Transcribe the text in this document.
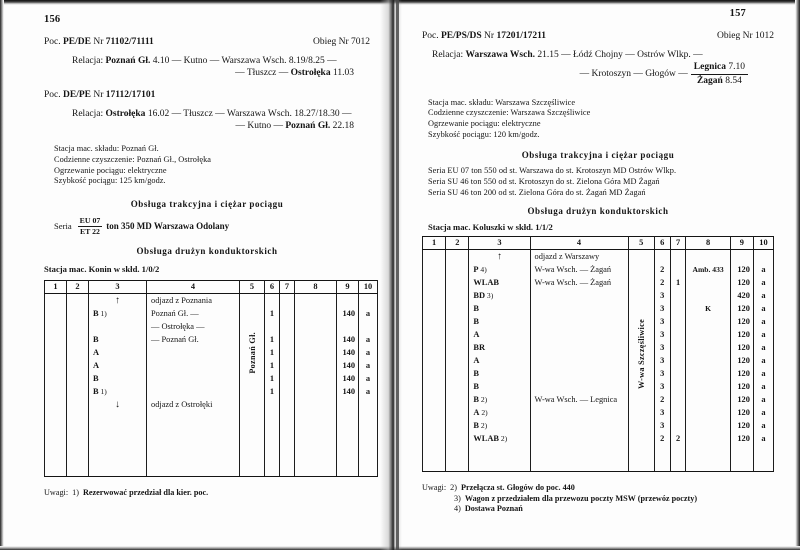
156
Poc. PE/DE Nr 71102/71111	Obieg Nr 7012
Relacja: Poznań Gł. 4.10 — Kutno — Warszawa Wsch. 8.19/8.25 —
— Tłuszcz — Ostrołęka 11.03
Poc. DE/PE Nr 17112/17101
Relacja: Ostrołęka 16.02 — Tłuszcz — Warszawa Wsch. 18.27/18.30 —
— Kutno — Poznań Gł. 22.18
Stacja mac. składu: Poznań Gł.
Codzienne czyszczenie: Poznań Gł., Ostrołęka
Ogrzewanie pociągu: elektryczne
Szybkość pociągu: 125 km/godz.
Obsługa trakcyjna i ciężar pociągu
Seria $\frac{EU 07}{ET 22}$ ton 350 MD Warszawa Odolany
Obsługa drużyn konduktorskich
Stacja mac. Konin w skłd. 1/0/2
1	2	3	4	5	6	7	8	9	10
		↑	odjazd z Poznania						
		B 1)	Poznań Gł. —	Poznań Gł.	1			140	a
			— Ostrołęka —						
		B	— Poznań Gł.		1			140	a
		A			1			140	a
		A			1			140	a
		B			1			140	a
		B 1)			1			140	a
		↓	odjazd z Ostrołęki						

Uwagi: 1) Rezerwować przedział dla kier. poc.
157
Poc. PE/PS/DS Nr 17201/17211	Obieg Nr 1012
Relacja: Warszawa Wsch. 21.15 — Łódź Chojny — Ostrów Wlkp. —
— Krotoszyn — Głogów — $\frac{\text{Legnica 7.10}}{\text{Żagań 8.54}}$
Stacja mac. składu: Warszawa Szczęśliwice
Codzienne czyszczenie: Warszawa Szczęśliwice
Ogrzewanie pociągu: elektryczne
Szybkość pociągu: 120 km/godz.
Obsługa trakcyjna i ciężar pociągu
Seria EU 07 ton 550 od st. Warszawa do st. Krotoszyn MD Ostrów Wlkp.
Seria SU 46 ton 550 od st. Krotoszyn do st. Zielona Góra MD Żagań
Seria SU 46 ton 200 od st. Zielona Góra do st. Żagań MD Żagań
Obsługa drużyn konduktorskich
Stacja mac. Koluszki w skłd. 1/1/2
1	2	3	4	5	6	7	8	9	10
		↑	odjazd z Warszawy						
		P 4)	W-wa Wsch. — Żagań	W-wa Szczęśliwice	2		Amb. 433	120	a
		WLAB	W-wa Wsch. — Żagań		2	1		120	a
		BD 3)			3			420	a
		B			3		K	120	a
		B			3			120	a
		A			3			120	a
		BR			3			120	a
		A			3			120	a
		B			3			120	a
		B			3			120	a
		B 2)	W-wa Wsch. — Legnica		2			120	a
		A 2)			3			120	a
		B 2)			3			120	a
		WLAB 2)			2	2		120	a

Uwagi: 2) Przełącza st. Głogów do poc. 440
3) Wagon z przedziałem dla przewozu poczty MSW (przewóz poczty)
4) Dostawa Poznań
